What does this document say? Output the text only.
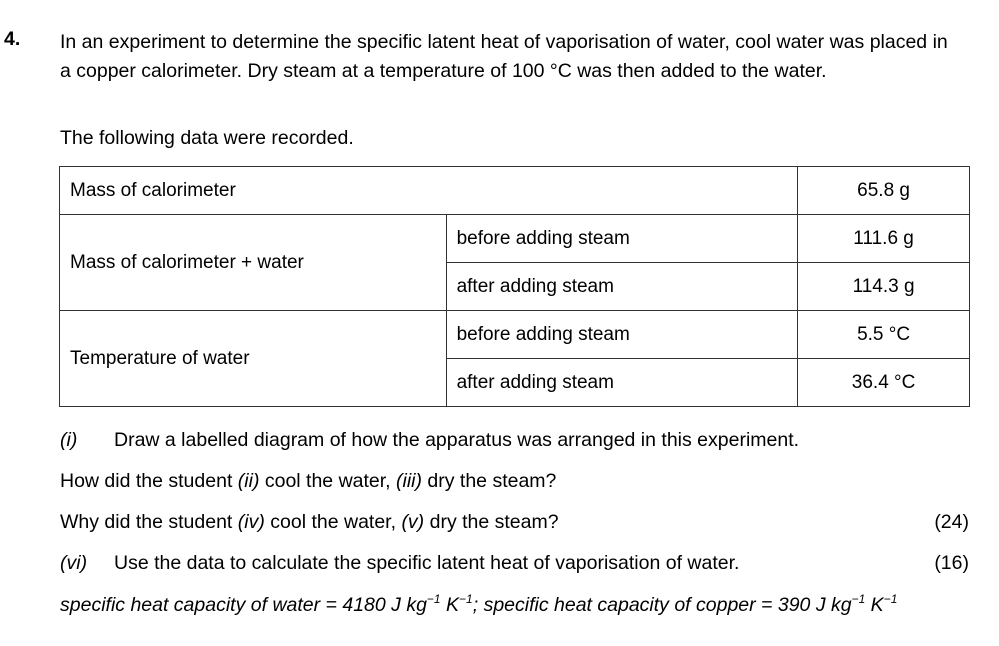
4. In an experiment to determine the specific latent heat of vaporisation of water, cool water was placed in a copper calorimeter. Dry steam at a temperature of 100 °C was then added to the water.

The following data were recorded.

Mass of calorimeter		65.8 g
Mass of calorimeter + water	before adding steam	111.6 g
	after adding steam	114.3 g
Temperature of water	before adding steam	5.5 °C
	after adding steam	36.4 °C

(i) Draw a labelled diagram of how the apparatus was arranged in this experiment.

How did the student (ii) cool the water, (iii) dry the steam?

Why did the student (iv) cool the water, (v) dry the steam?	(24)

(vi) Use the data to calculate the specific latent heat of vaporisation of water.	(16)

specific heat capacity of water = 4180 J $kg^{-1}$ $K^{-1}$; specific heat capacity of copper = 390 J $kg^{-1}$ $K^{-1}$
